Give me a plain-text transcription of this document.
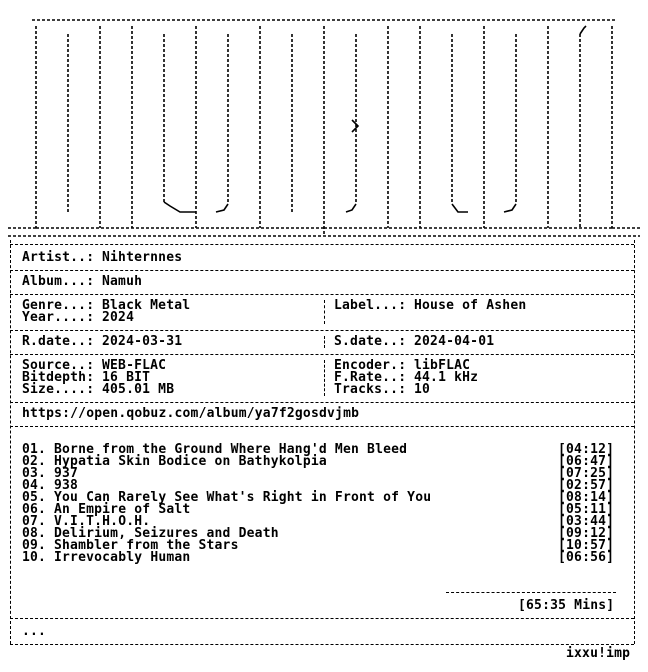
Artist..: Nihternnes
Album...: Namuh
Genre...: Black Metal
Year....: 2024
Label...: House of Ashen
R.date..: 2024-03-31	S.date..: 2024-04-01
Source..: WEB-FLAC
Bitdepth: 16 BIT
Size....: 405.01 MB
Encoder.: libFLAC
F.Rate..: 44.1 kHz
Tracks..: 10
https://open.qobuz.com/album/ya7f2gosdvjmb
01. Borne from the Ground Where Hang'd Men Bleed	[04:12]
02. Hypatia Skin Bodice on Bathykolpia	[06:47]
03. 937	[07:25]
04. 938	[02:57]
05. You Can Rarely See What's Right in Front of You	[08:14]
06. An Empire of Salt	[05:11]
07. V.I.T.H.O.H.	[03:44]
08. Delirium, Seizures and Death	[09:12]
09. Shambler from the Stars	[10:57]
10. Irrevocably Human	[06:56]
[65:35 Mins]
...
ixxu!imp
